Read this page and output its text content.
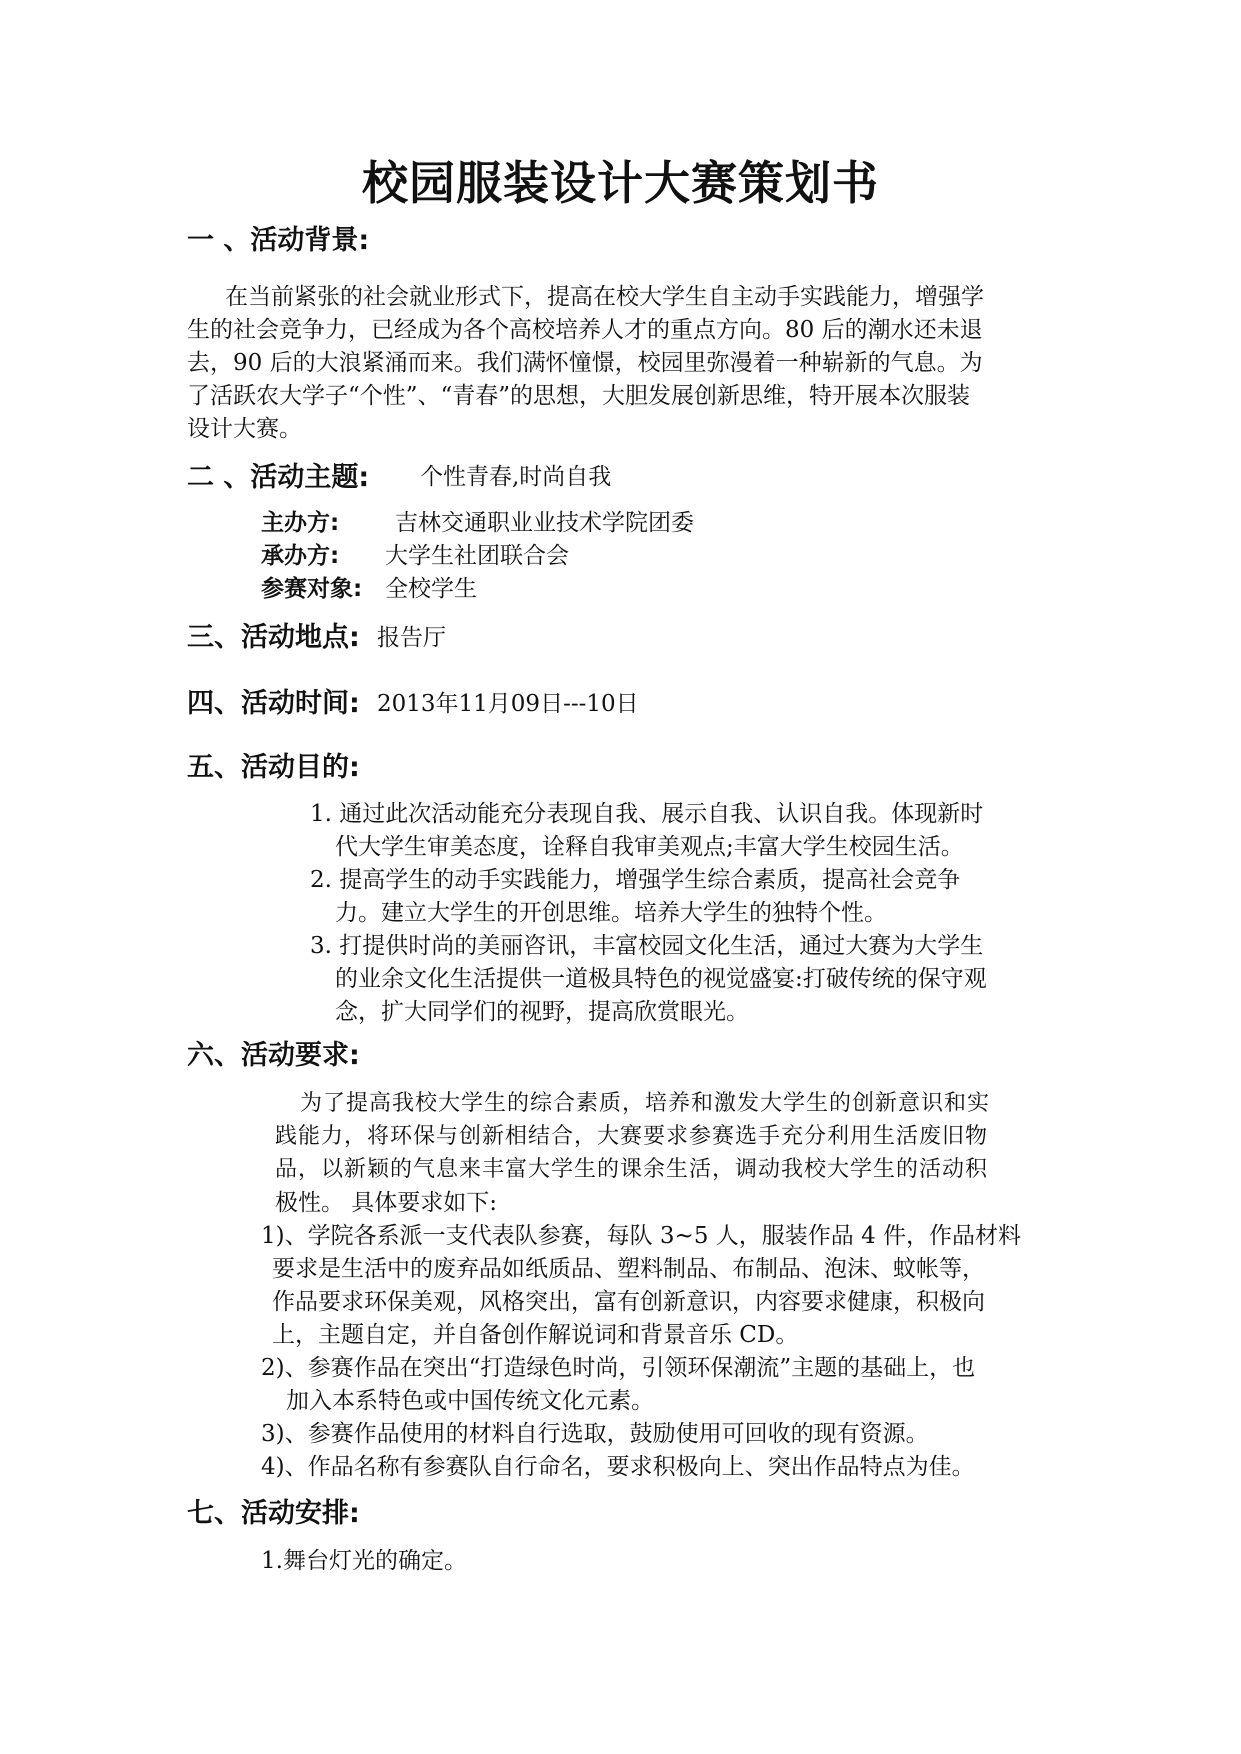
校园服装设计大赛策划书
一 、活动背景:
在当前紧张的社会就业形式下，提高在校大学生自主动手实践能力，增强学
生的社会竞争力，已经成为各个高校培养人才的重点方向。80 后的潮水还未退
去，90 后的大浪紧涌而来。我们满怀憧憬，校园里弥漫着一种崭新的气息。为
了活跃农大学子“个性”、“青春”的思想，大胆发展创新思维，特开展本次服装
设计大赛。
二 、活动主题: 个性青春,时尚自我
主办方: 吉林交通职业业技术学院团委
承办方: 大学生社团联合会
参赛对象: 全校学生
三、活动地点: 报告厅
四、活动时间: 2013年11月09日---10日
五、活动目的:
1. 通过此次活动能充分表现自我、展示自我、认识自我。体现新时
代大学生审美态度，诠释自我审美观点;丰富大学生校园生活。
2. 提高学生的动手实践能力，增强学生综合素质，提高社会竞争
力。建立大学生的开创思维。培养大学生的独特个性。
3. 打提供时尚的美丽咨讯，丰富校园文化生活，通过大赛为大学生
的业余文化生活提供一道极具特色的视觉盛宴:打破传统的保守观
念，扩大同学们的视野，提高欣赏眼光。
六、活动要求:
为了提高我校大学生的综合素质，培养和激发大学生的创新意识和实
践能力，将环保与创新相结合，大赛要求参赛选手充分利用生活废旧物
品，以新颖的气息来丰富大学生的课余生活，调动我校大学生的活动积
极性。 具体要求如下:
1)、学院各系派一支代表队参赛，每队 3~5 人，服装作品 4 件，作品材料
要求是生活中的废弃品如纸质品、塑料制品、布制品、泡沫、蚊帐等，
作品要求环保美观，风格突出，富有创新意识，内容要求健康，积极向
上，主题自定，并自备创作解说词和背景音乐 CD。
2)、参赛作品在突出“打造绿色时尚，引领环保潮流”主题的基础上，也
加入本系特色或中国传统文化元素。
3)、参赛作品使用的材料自行选取，鼓励使用可回收的现有资源。
4)、作品名称有参赛队自行命名，要求积极向上、突出作品特点为佳。
七、活动安排:
1.舞台灯光的确定。
